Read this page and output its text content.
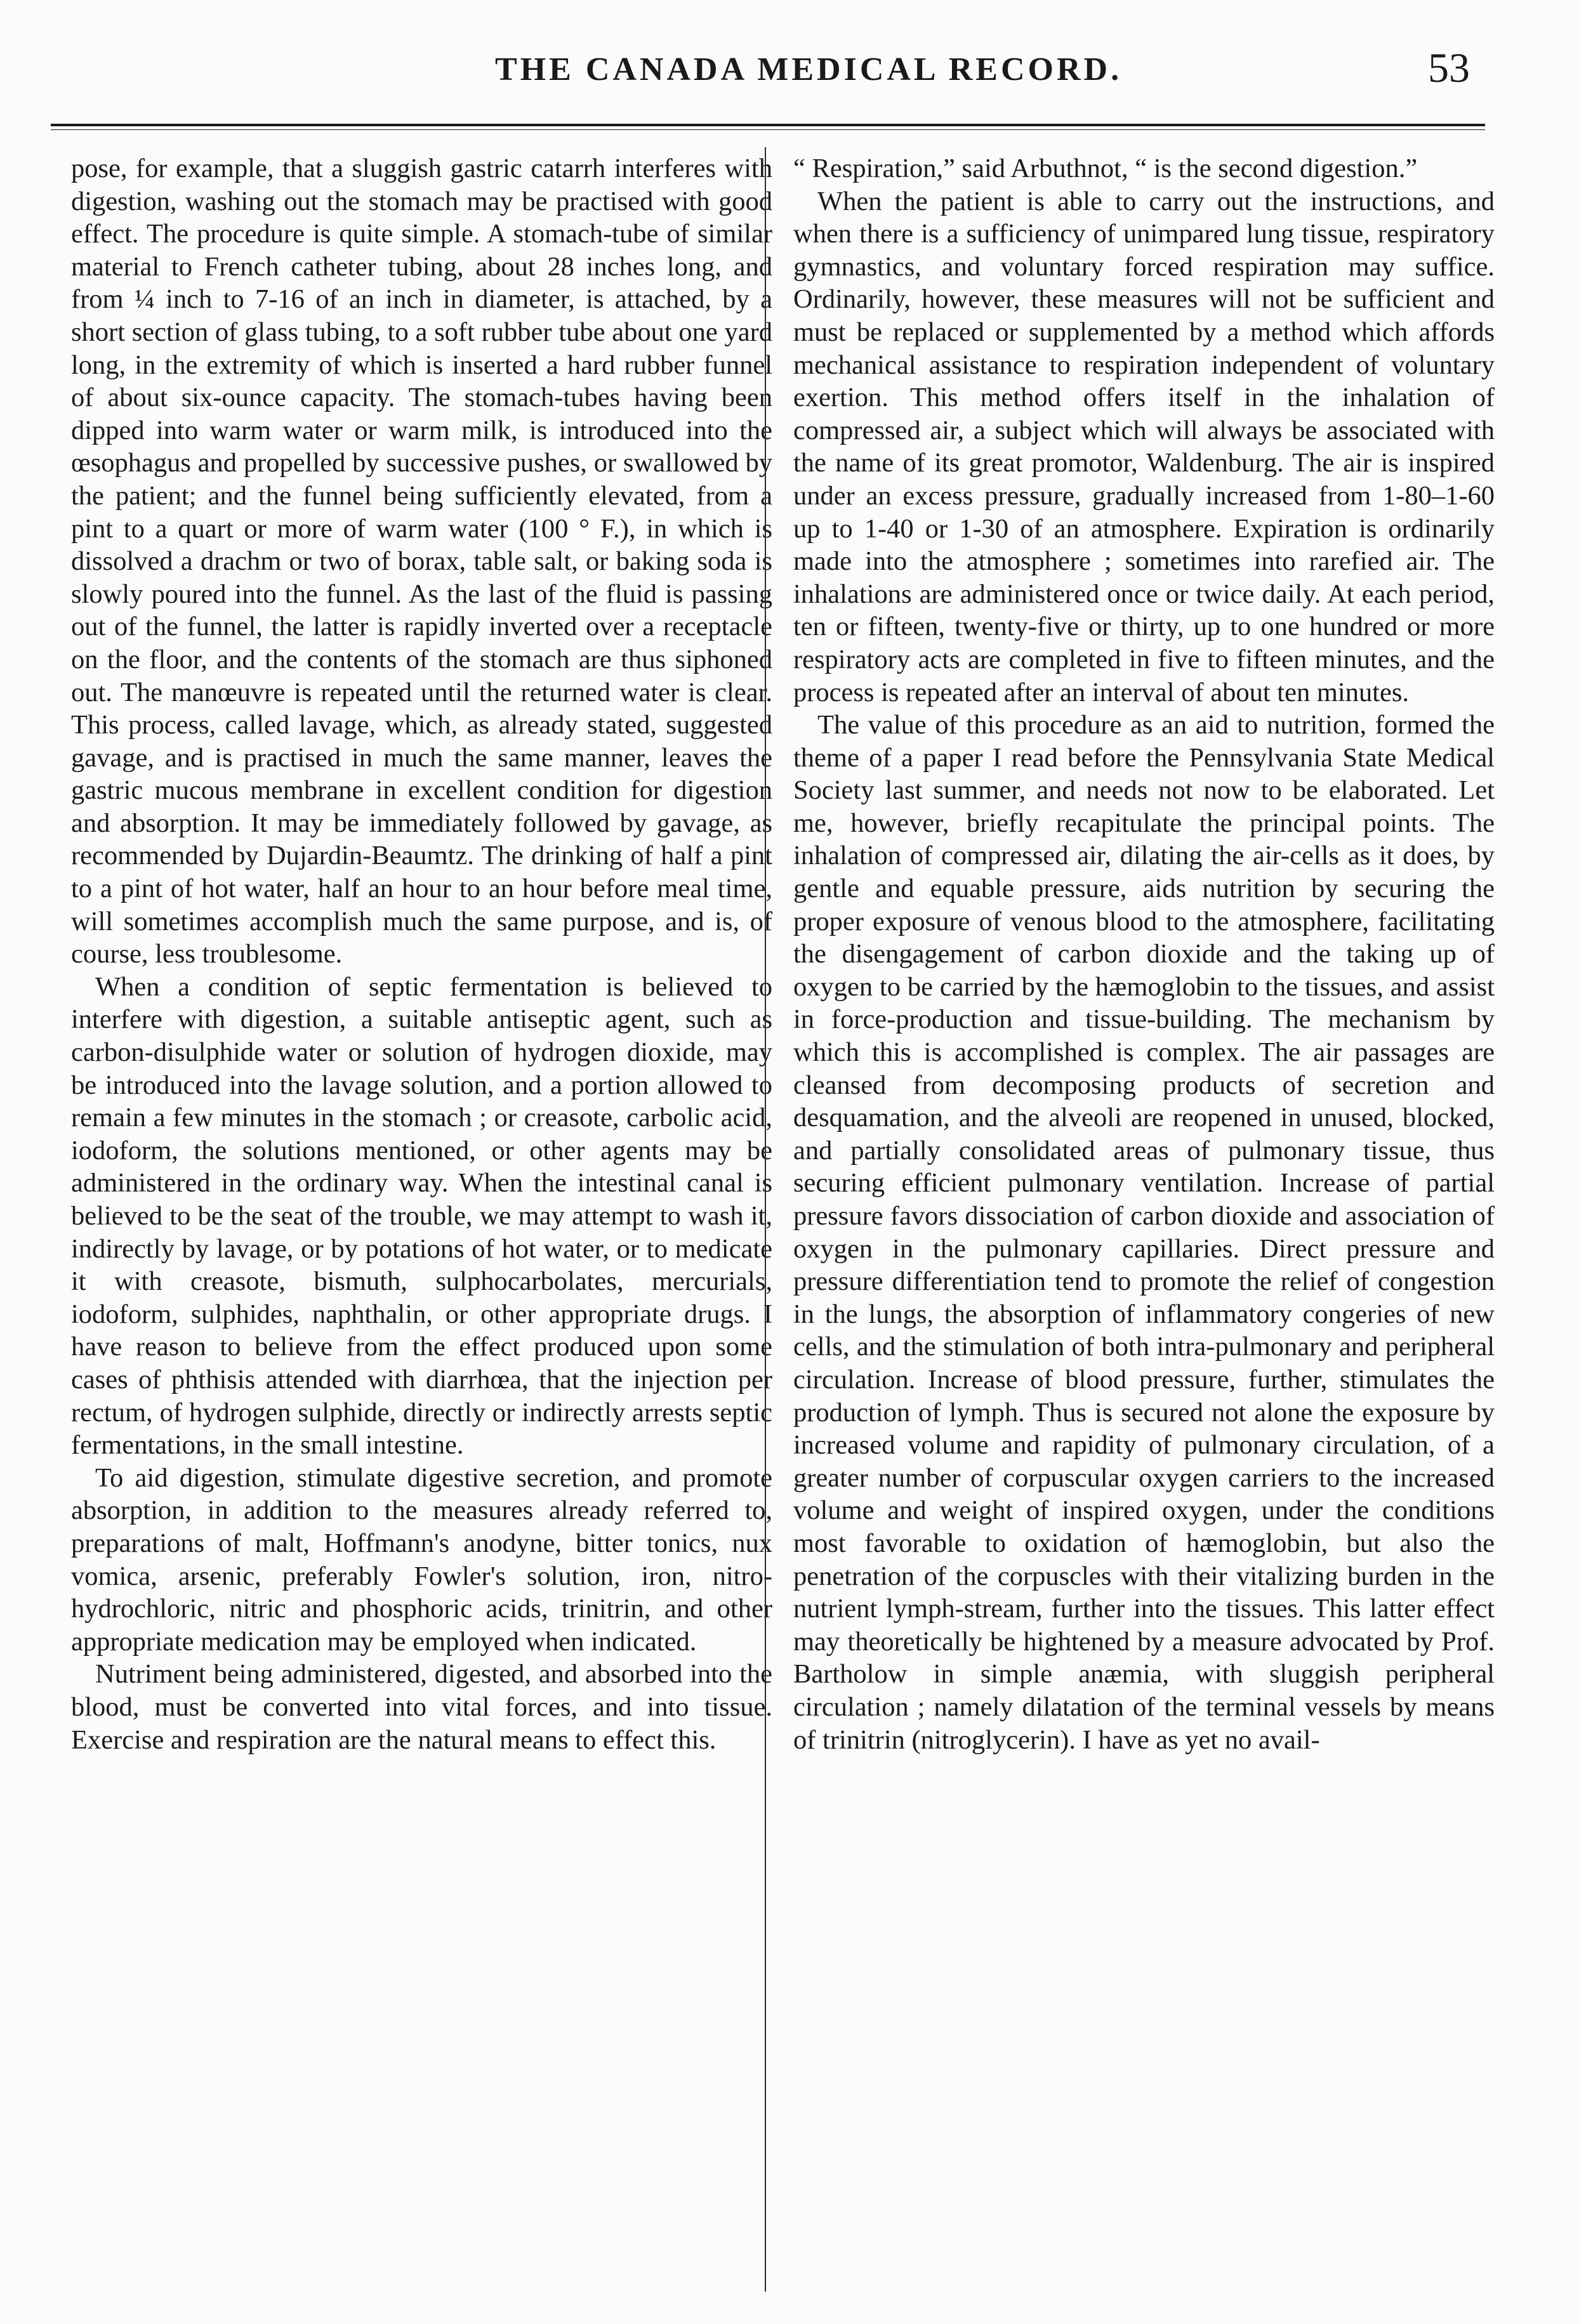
THE CANADA MEDICAL RECORD.	53

pose, for example, that a sluggish gastric catarrh interferes with digestion, washing out the stomach may be practised with good effect. The procedure is quite simple. A stomach-tube of similar material to French catheter tubing, about 28 inches long, and from ¼ inch to 7-16 of an inch in diameter, is attached, by a short section of glass tubing, to a soft rubber tube about one yard long, in the extremity of which is inserted a hard rubber funnel of about six-ounce capacity. The stomach-tubes having been dipped into warm water or warm milk, is introduced into the œsophagus and propelled by successive pushes, or swallowed by the patient; and the funnel being sufficiently elevated, from a pint to a quart or more of warm water (100 ° F.), in which is dissolved a drachm or two of borax, table salt, or baking soda is slowly poured into the funnel. As the last of the fluid is passing out of the funnel, the latter is rapidly inverted over a receptacle on the floor, and the contents of the stomach are thus siphoned out. The manœuvre is repeated until the returned water is clear. This process, called lavage, which, as already stated, suggested gavage, and is practised in much the same manner, leaves the gastric mucous membrane in excellent condition for digestion and absorption. It may be immediately followed by gavage, as recommended by Dujardin-Beaumtz. The drinking of half a pint to a pint of hot water, half an hour to an hour before meal time, will sometimes accomplish much the same purpose, and is, of course, less troublesome.

When a condition of septic fermentation is believed to interfere with digestion, a suitable antiseptic agent, such as carbon-disulphide water or solution of hydrogen dioxide, may be introduced into the lavage solution, and a portion allowed to remain a few minutes in the stomach ; or creasote, carbolic acid, iodoform, the solutions mentioned, or other agents may be administered in the ordinary way. When the intestinal canal is believed to be the seat of the trouble, we may attempt to wash it, indirectly by lavage, or by potations of hot water, or to medicate it with creasote, bismuth, sulphocarbolates, mercurials, iodoform, sulphides, naphthalin, or other appropriate drugs. I have reason to believe from the effect produced upon some cases of phthisis attended with diarrhœa, that the injection per rectum, of hydrogen sulphide, directly or indirectly arrests septic fermentations, in the small intestine.

To aid digestion, stimulate digestive secretion, and promote absorption, in addition to the measures already referred to, preparations of malt, Hoffmann's anodyne, bitter tonics, nux vomica, arsenic, preferably Fowler's solution, iron, nitro-hydrochloric, nitric and phosphoric acids, trinitrin, and other appropriate medication may be employed when indicated.

Nutriment being administered, digested, and absorbed into the blood, must be converted into vital forces, and into tissue. Exercise and respiration are the natural means to effect this.

“ Respiration,” said Arbuthnot, “ is the second digestion.”

When the patient is able to carry out the instructions, and when there is a sufficiency of unimpared lung tissue, respiratory gymnastics, and voluntary forced respiration may suffice. Ordinarily, however, these measures will not be sufficient and must be replaced or supplemented by a method which affords mechanical assistance to respiration independent of voluntary exertion. This method offers itself in the inhalation of compressed air, a subject which will always be associated with the name of its great promotor, Waldenburg. The air is inspired under an excess pressure, gradually increased from 1-80–1-60 up to 1-40 or 1-30 of an atmosphere. Expiration is ordinarily made into the atmosphere ; sometimes into rarefied air. The inhalations are administered once or twice daily. At each period, ten or fifteen, twenty-five or thirty, up to one hundred or more respiratory acts are completed in five to fifteen minutes, and the process is repeated after an interval of about ten minutes.

The value of this procedure as an aid to nutrition, formed the theme of a paper I read before the Pennsylvania State Medical Society last summer, and needs not now to be elaborated. Let me, however, briefly recapitulate the principal points. The inhalation of compressed air, dilating the air-cells as it does, by gentle and equable pressure, aids nutrition by securing the proper exposure of venous blood to the atmosphere, facilitating the disengagement of carbon dioxide and the taking up of oxygen to be carried by the hæmoglobin to the tissues, and assist in force-production and tissue-building. The mechanism by which this is accomplished is complex. The air passages are cleansed from decomposing products of secretion and desquamation, and the alveoli are reopened in unused, blocked, and partially consolidated areas of pulmonary tissue, thus securing efficient pulmonary ventilation. Increase of partial pressure favors dissociation of carbon dioxide and association of oxygen in the pulmonary capillaries. Direct pressure and pressure differentiation tend to promote the relief of congestion in the lungs, the absorption of inflammatory congeries of new cells, and the stimulation of both intra-pulmonary and peripheral circulation. Increase of blood pressure, further, stimulates the production of lymph. Thus is secured not alone the exposure by increased volume and rapidity of pulmonary circulation, of a greater number of corpuscular oxygen carriers to the increased volume and weight of inspired oxygen, under the conditions most favorable to oxidation of hæmoglobin, but also the penetration of the corpuscles with their vitalizing burden in the nutrient lymph-stream, further into the tissues. This latter effect may theoretically be hightened by a measure advocated by Prof. Bartholow in simple anæmia, with sluggish peripheral circulation ; namely dilatation of the terminal vessels by means of trinitrin (nitroglycerin). I have as yet no avail-
